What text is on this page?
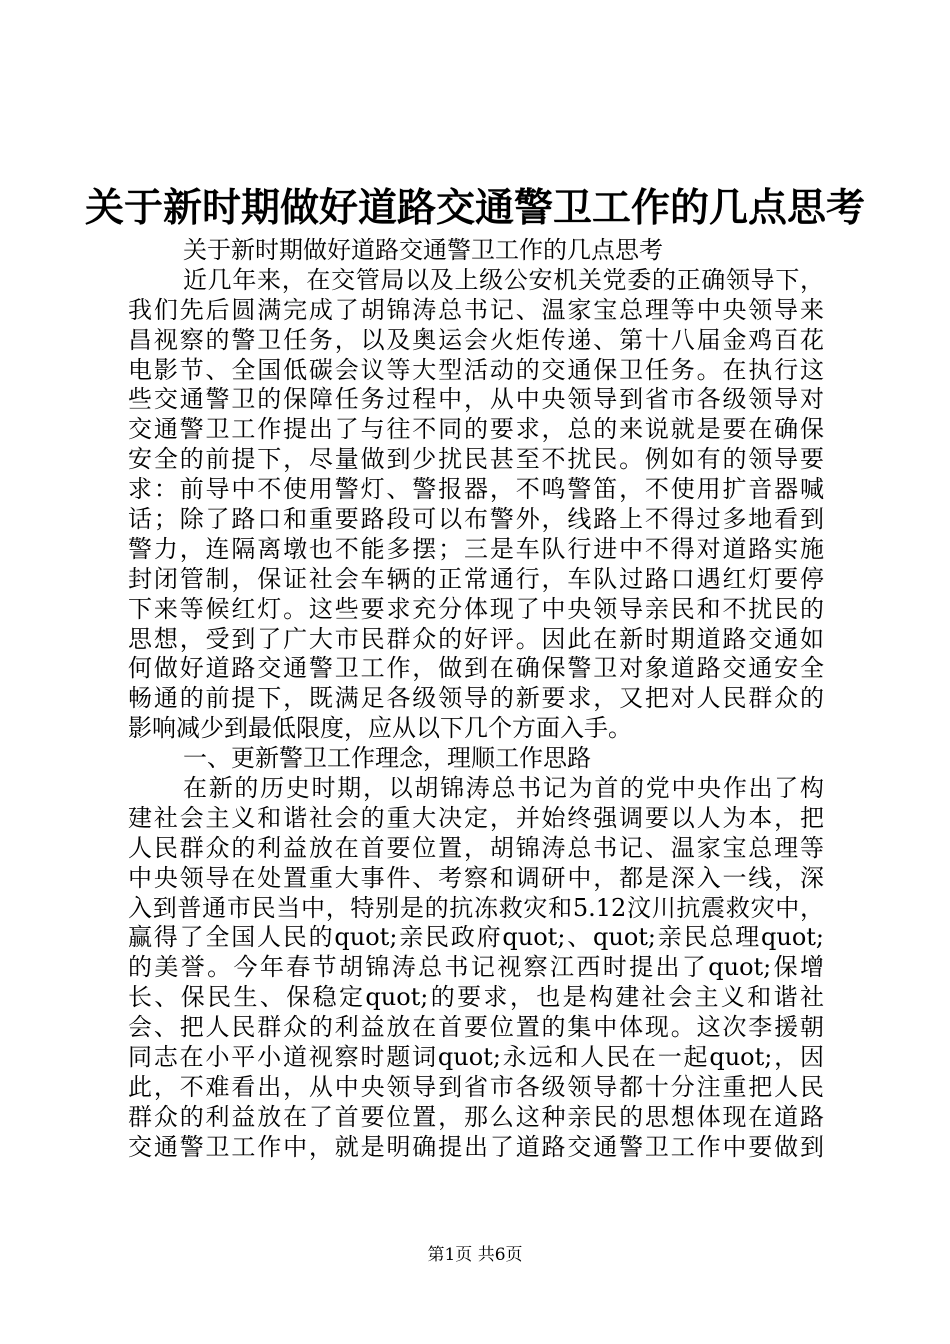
关于新时期做好道路交通警卫工作的几点思考
关于新时期做好道路交通警卫工作的几点思考
近几年来，在交管局以及上级公安机关党委的正确领导下，
我们先后圆满完成了胡锦涛总书记、温家宝总理等中央领导来
昌视察的警卫任务，以及奥运会火炬传递、第十八届金鸡百花
电影节、全国低碳会议等大型活动的交通保卫任务。在执行这
些交通警卫的保障任务过程中，从中央领导到省市各级领导对
交通警卫工作提出了与往不同的要求，总的来说就是要在确保
安全的前提下，尽量做到少扰民甚至不扰民。例如有的领导要
求：前导中不使用警灯、警报器，不鸣警笛，不使用扩音器喊
话；除了路口和重要路段可以布警外，线路上不得过多地看到
警力，连隔离墩也不能多摆；三是车队行进中不得对道路实施
封闭管制，保证社会车辆的正常通行，车队过路口遇红灯要停
下来等候红灯。这些要求充分体现了中央领导亲民和不扰民的
思想，受到了广大市民群众的好评。因此在新时期道路交通如
何做好道路交通警卫工作，做到在确保警卫对象道路交通安全
畅通的前提下，既满足各级领导的新要求，又把对人民群众的
影响减少到最低限度，应从以下几个方面入手。
一、更新警卫工作理念，理顺工作思路
在新的历史时期，以胡锦涛总书记为首的党中央作出了构
建社会主义和谐社会的重大决定，并始终强调要以人为本，把
人民群众的利益放在首要位置，胡锦涛总书记、温家宝总理等
中央领导在处置重大事件、考察和调研中，都是深入一线，深
入到普通市民当中，特别是的抗冻救灾和5.12汶川抗震救灾中，
赢得了全国人民的quot;亲民政府quot;、quot;亲民总理quot;
的美誉。今年春节胡锦涛总书记视察江西时提出了quot;保增
长、保民生、保稳定quot;的要求，也是构建社会主义和谐社
会、把人民群众的利益放在首要位置的集中体现。这次李援朝
同志在小平小道视察时题词quot;永远和人民在一起quot;，因
此，不难看出，从中央领导到省市各级领导都十分注重把人民
群众的利益放在了首要位置，那么这种亲民的思想体现在道路
交通警卫工作中，就是明确提出了道路交通警卫工作中要做到
第1页 共6页
